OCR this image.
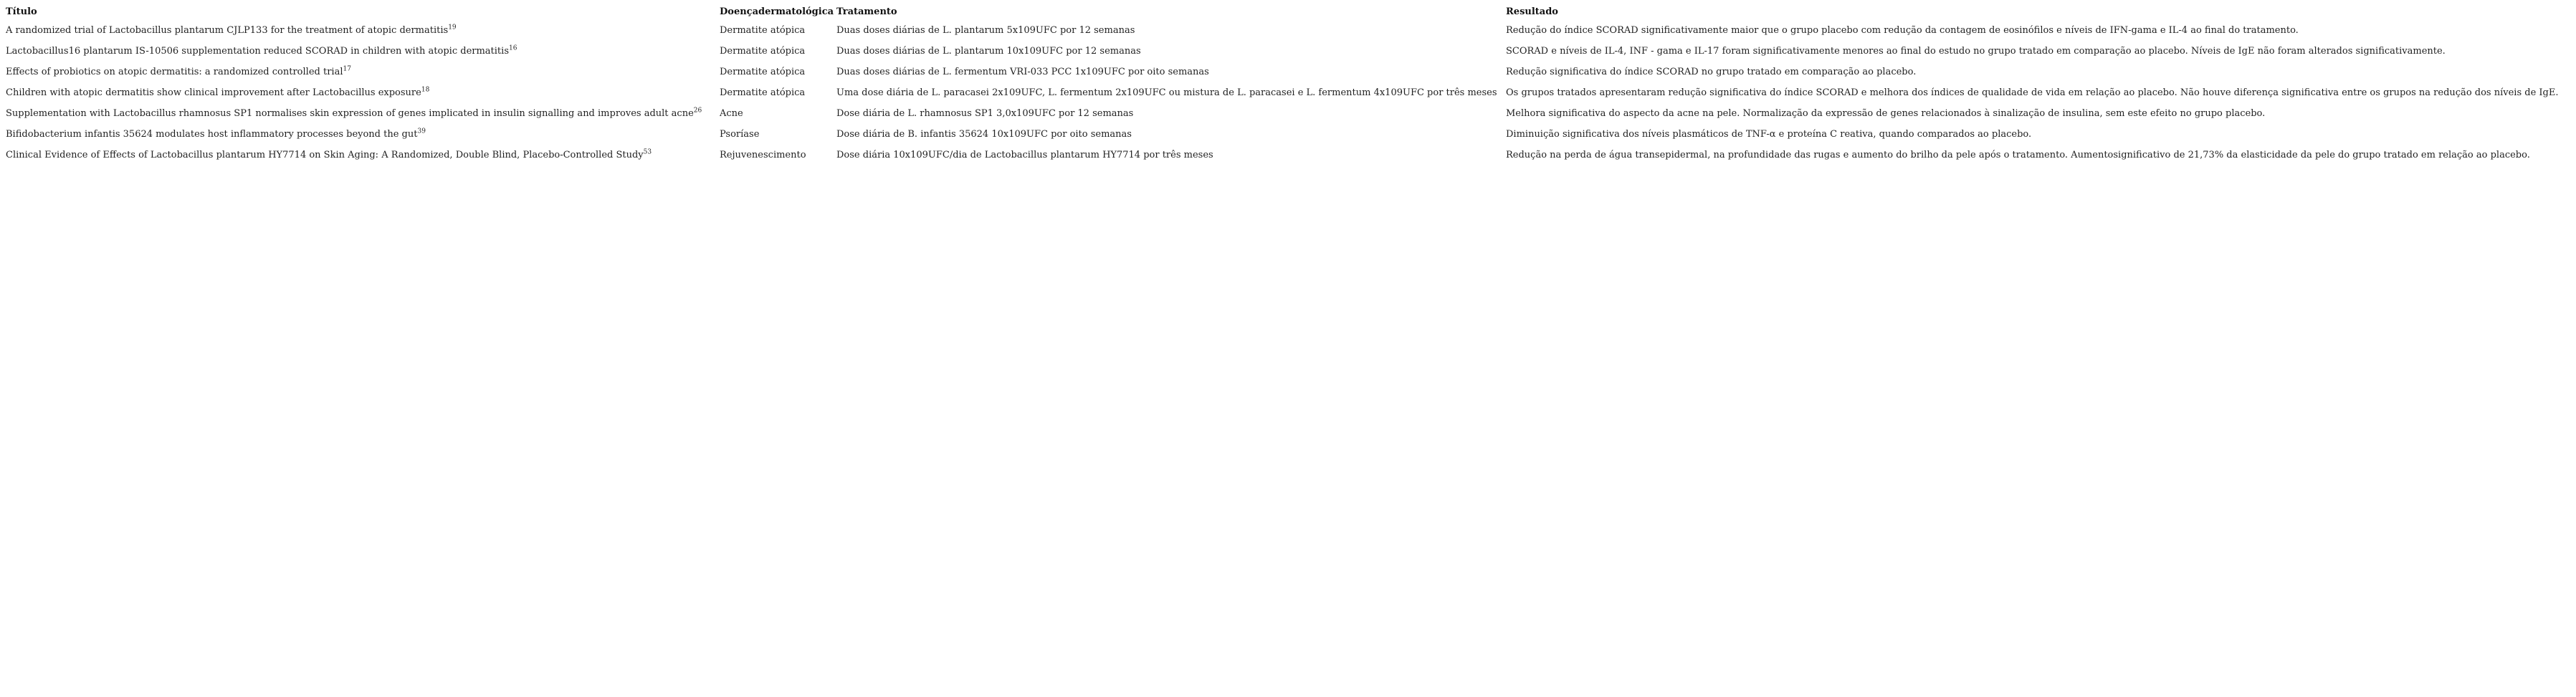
Título	Doençadermatológica	Tratamento	Resultado
A randomized trial of Lactobacillus plantarum CJLP133 for the treatment of atopic dermatitis$^{19}$	Dermatite atópica	Duas doses diárias de L. plantarum 5x109UFC por 12 semanas	Redução do índice SCORAD significativamente maior que o grupo placebo com redução da contagem de eosinófilos e níveis de IFN-gama e IL-4 ao final do tratamento.
Lactobacillus16 plantarum IS-10506 supplementation reduced SCORAD in children with atopic dermatitis$^{16}$	Dermatite atópica	Duas doses diárias de L. plantarum 10x109UFC por 12 semanas	SCORAD e níveis de IL-4, INF - gama e IL-17 foram significativamente menores ao final do estudo no grupo tratado em comparação ao placebo. Níveis de IgE não foram alterados significativamente.
Effects of probiotics on atopic dermatitis: a randomized controlled trial$^{17}$	Dermatite atópica	Duas doses diárias de L. fermentum VRI-033 PCC 1x109UFC por oito semanas	Redução significativa do índice SCORAD no grupo tratado em comparação ao placebo.
Children with atopic dermatitis show clinical improvement after Lactobacillus exposure$^{18}$	Dermatite atópica	Uma dose diária de L. paracasei 2x109UFC, L. fermentum 2x109UFC ou mistura de L. paracasei e L. fermentum 4x109UFC por três meses	Os grupos tratados apresentaram redução significativa do índice SCORAD e melhora dos índices de qualidade de vida em relação ao placebo. Não houve diferença significativa entre os grupos na redução dos níveis de IgE.
Supplementation with Lactobacillus rhamnosus SP1 normalises skin expression of genes implicated in insulin signalling and improves adult acne$^{26}$	Acne	Dose diária de L. rhamnosus SP1 3,0x109UFC por 12 semanas	Melhora significativa do aspecto da acne na pele. Normalização da expressão de genes relacionados à sinalização de insulina, sem este efeito no grupo placebo.
Bifidobacterium infantis 35624 modulates host inflammatory processes beyond the gut$^{39}$	Psoríase	Dose diária de B. infantis 35624 10x109UFC por oito semanas	Diminuição significativa dos níveis plasmáticos de TNF-α e proteína C reativa, quando comparados ao placebo.
Clinical Evidence of Effects of Lactobacillus plantarum HY7714 on Skin Aging: A Randomized, Double Blind, Placebo-Controlled Study$^{53}$	Rejuvenescimento	Dose diária 10x109UFC/dia de Lactobacillus plantarum HY7714 por três meses	Redução na perda de água transepidermal, na profundidade das rugas e aumento do brilho da pele após o tratamento. Aumentosignificativo de 21,73% da elasticidade da pele do grupo tratado em relação ao placebo.
